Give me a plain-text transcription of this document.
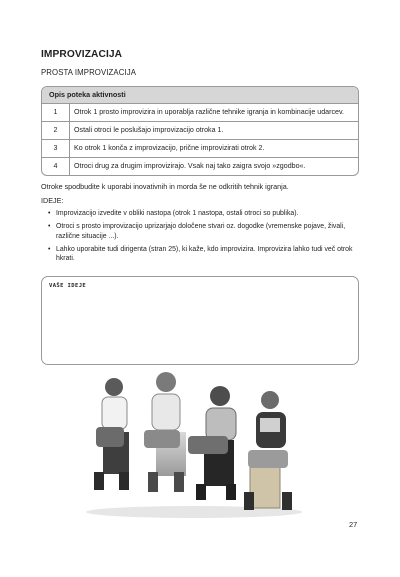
IMPROVIZACIJA
PROSTA IMPROVIZACIJA
Opis poteka aktivnosti
1	Otrok 1 prosto improvizira in uporablja različne tehnike igranja in kombinacije udarcev.
2	Ostali otroci le poslušajo improvizacijo otroka 1.
3	Ko otrok 1 konča z improvizacijo, prične improvizirati otrok 2.
4	Otroci drug za drugim improvizirajo. Vsak naj tako zaigra svojo »zgodbo«.
Otroke spodbudite k uporabi inovativnih in morda še ne odkritih tehnik igranja.
IDEJE:
• Improvizacijo izvedite v obliki nastopa (otrok 1 nastopa, ostali otroci so publika).
• Otroci s prosto improvizacijo uprizarjajo določene stvari oz. dogodke (vremenske pojave, živali, različne situacije ...).
• Lahko uporabite tudi dirigenta (stran 25), ki kaže, kdo improvizira. Improvizira lahko tudi več otrok hkrati.
VAŠE IDEJE
27
